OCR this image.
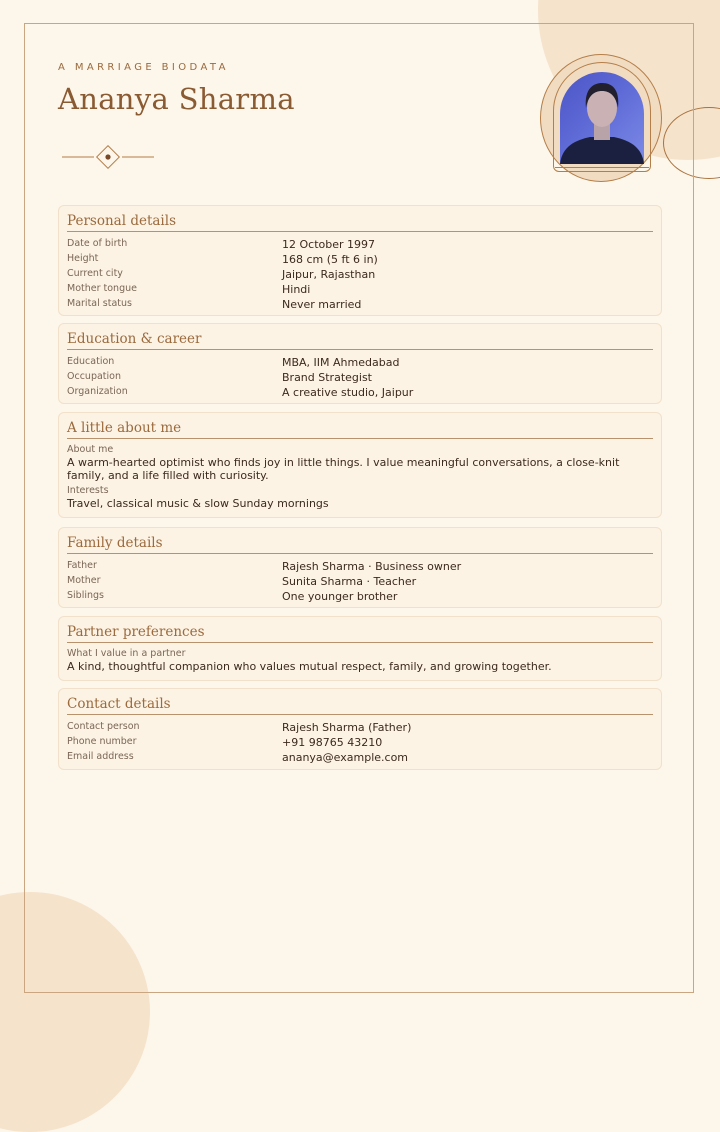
A MARRIAGE BIODATA
Ananya Sharma
Personal details
Date of birth	12 October 1997
Height	168 cm (5 ft 6 in)
Current city	Jaipur, Rajasthan
Mother tongue	Hindi
Marital status	Never married
Education & career
Education	MBA, IIM Ahmedabad
Occupation	Brand Strategist
Organization	A creative studio, Jaipur
A little about me
About me
A warm-hearted optimist who finds joy in little things. I value meaningful conversations, a close-knit family, and a life filled with curiosity.
Interests
Travel, classical music & slow Sunday mornings
Family details
Father	Rajesh Sharma · Business owner
Mother	Sunita Sharma · Teacher
Siblings	One younger brother
Partner preferences
What I value in a partner
A kind, thoughtful companion who values mutual respect, family, and growing together.
Contact details
Contact person	Rajesh Sharma (Father)
Phone number	+91 98765 43210
Email address	ananya@example.com
